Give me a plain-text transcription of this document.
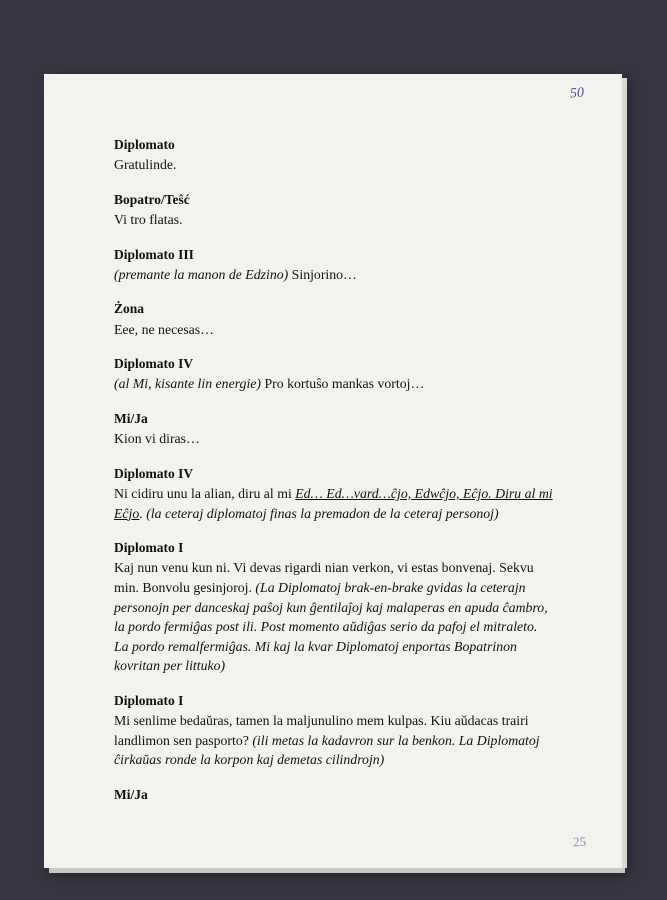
50
Diplomato
Gratulinde.
Bopatro/Teŝć
Vi tro flatas.
Diplomato III
(premante la manon de Edzino) Sinjorino…
Żona
Eee, ne necesas…
Diplomato IV
(al Mi, kisante lin energie) Pro kortuŝo mankas vortoj…
Mi/Ja
Kion vi diras…
Diplomato IV
Ni cidiru unu la alian, diru al mi Ed… Ed…vard…ĉjo, Edwĉjo, Eĉjo. Diru al mi Eĉjo. (la ceteraj diplomatoj finas la premadon de la ceteraj personoj)
Diplomato I
Kaj nun venu kun ni. Vi devas rigardi nian verkon, vi estas bonvenaj. Sekvu min. Bonvolu gesinjoroj. (La Diplomatoj brak-en-brake gvidas la ceterajn personojn per danceskaj paŝoj kun ĝentilaĵoj kaj malaperas en apuda ĉambro, la pordo fermiĝas post ili. Post momento aŭdiĝas serio da pafoj el mitraleto. La pordo remalfermiĝas. Mi kaj la kvar Diplomatoj enportas Bopatrinon kovritan per littuko)
Diplomato I
Mi senlime bedaŭras, tamen la maljunulino mem kulpas. Kiu aŭdacas trairi landlimon sen pasporto? (ili metas la kadavron sur la benkon. La Diplomatoj ĉirkaŭas ronde la korpon kaj demetas cilindrojn)
Mi/Ja
25
